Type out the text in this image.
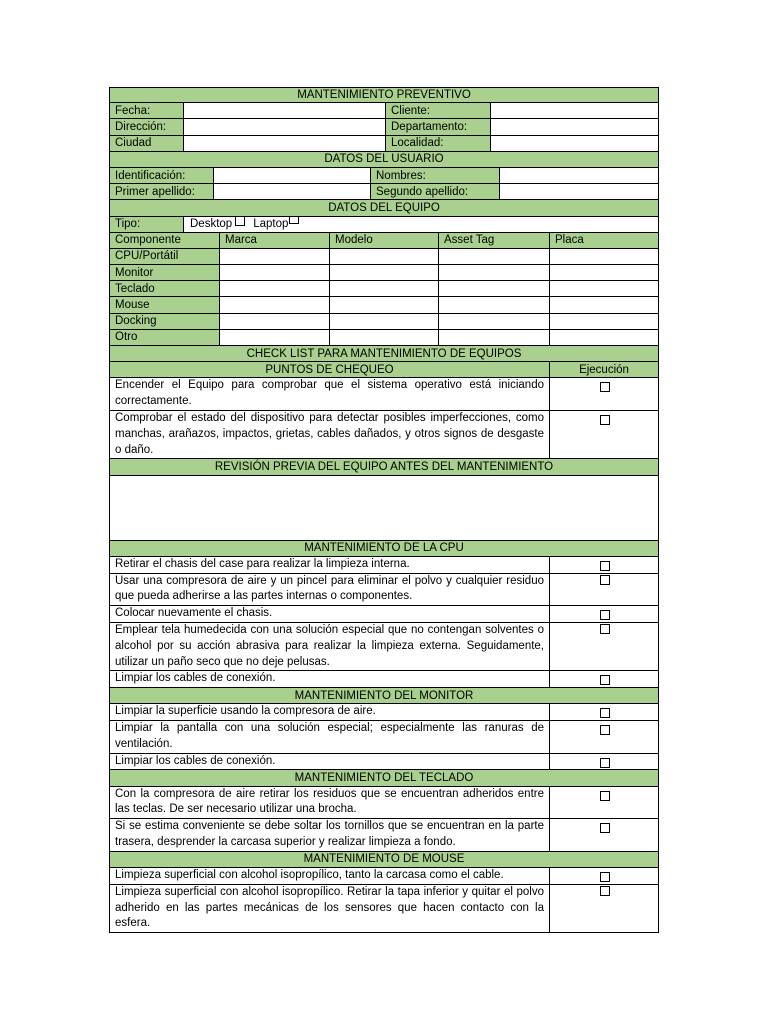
MANTENIMIENTO PREVENTIVO
Fecha:	Cliente:
Dirección:	Departamento:
Ciudad	Localidad:
DATOS DEL USUARIO
Identificación:	Nombres:
Primer apellido:	Segundo apellido:
DATOS DEL EQUIPO
Tipo:	Desktop Laptop
Componente	Marca	Modelo	Asset Tag	Placa
CPU/Portátil
Monitor
Teclado
Mouse
Docking
Otro
CHECK LIST PARA MANTENIMIENTO DE EQUIPOS
PUNTOS DE CHEQUEO	Ejecución
Encender el Equipo para comprobar que el sistema operativo está iniciando correctamente.
Comprobar el estado del dispositivo para detectar posibles imperfecciones, como manchas, arañazos, impactos, grietas, cables dañados, y otros signos de desgaste o daño.
REVISIÓN PREVIA DEL EQUIPO ANTES DEL MANTENIMIENTO
MANTENIMIENTO DE LA CPU
Retirar el chasis del case para realizar la limpieza interna.
Usar una compresora de aire y un pincel para eliminar el polvo y cualquier residuo que pueda adherirse a las partes internas o componentes.
Colocar nuevamente el chasis.
Emplear tela humedecida con una solución especial que no contengan solventes o alcohol por su acción abrasiva para realizar la limpieza externa. Seguidamente, utilizar un paño seco que no deje pelusas.
Limpiar los cables de conexión.
MANTENIMIENTO DEL MONITOR
Limpiar la superficie usando la compresora de aire.
Limpiar la pantalla con una solución especial; especialmente las ranuras de ventilación.
Limpiar los cables de conexión.
MANTENIMIENTO DEL TECLADO
Con la compresora de aire retirar los residuos que se encuentran adheridos entre las teclas. De ser necesario utilizar una brocha.
Si se estima conveniente se debe soltar los tornillos que se encuentran en la parte trasera, desprender la carcasa superior y realizar limpieza a fondo.
MANTENIMIENTO DE MOUSE
Limpieza superficial con alcohol isopropílico, tanto la carcasa como el cable.
Limpieza superficial con alcohol isopropílico. Retirar la tapa inferior y quitar el polvo adherido en las partes mecánicas de los sensores que hacen contacto con la esfera.
